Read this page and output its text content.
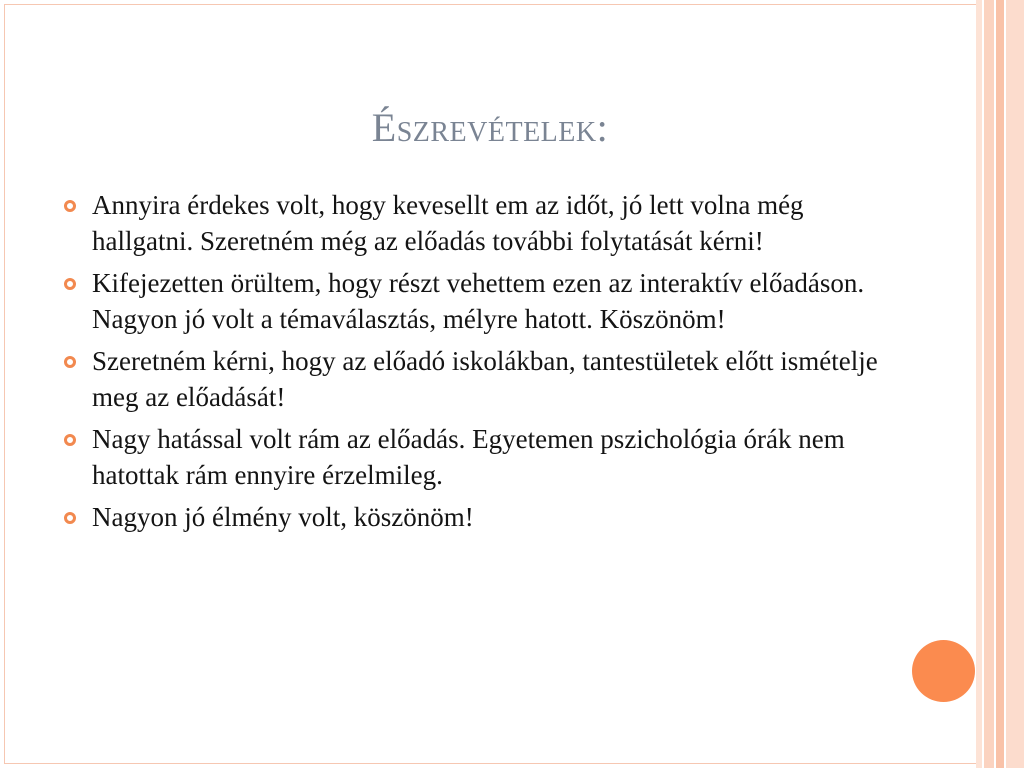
Észrevételek:
Annyira érdekes volt, hogy kevesellt em az időt, jó lett volna még hallgatni. Szeretném még az előadás további folytatását kérni!
Kifejezetten örültem, hogy részt vehettem ezen az interaktív előadáson. Nagyon jó volt a témaválasztás, mélyre hatott. Köszönöm!
Szeretném kérni, hogy az előadó iskolákban, tantestületek előtt ismételje meg az előadását!
Nagy hatással volt rám az előadás. Egyetemen pszichológia órák nem hatottak rám ennyire érzelmileg.
Nagyon jó élmény volt, köszönöm!
